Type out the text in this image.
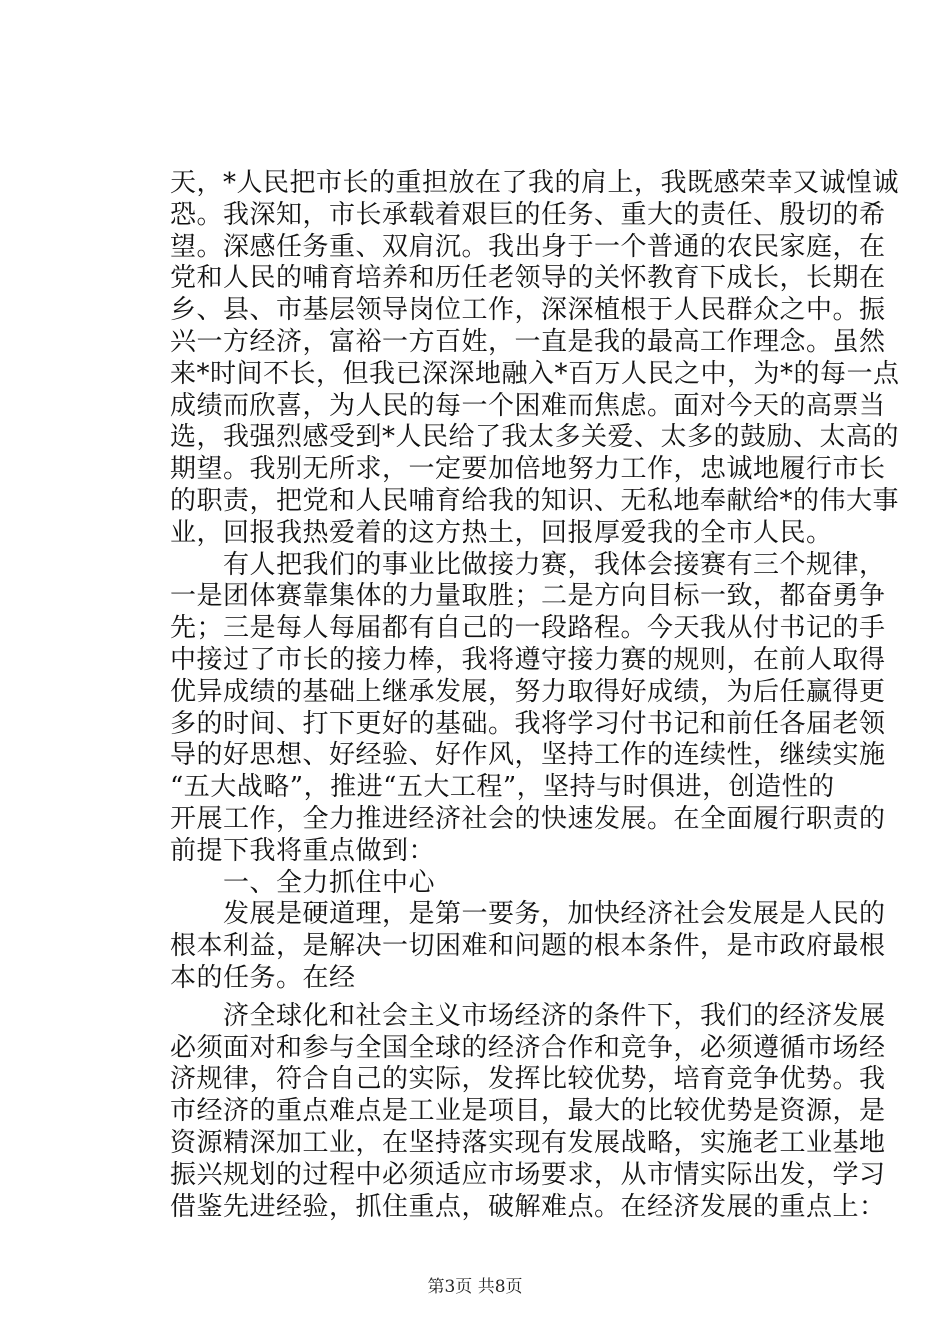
天，*人民把市长的重担放在了我的肩上，我既感荣幸又诚惶诚
恐。我深知，市长承载着艰巨的任务、重大的责任、殷切的希
望。深感任务重、双肩沉。我出身于一个普通的农民家庭，在
党和人民的哺育培养和历任老领导的关怀教育下成长，长期在
乡、县、市基层领导岗位工作，深深植根于人民群众之中。振
兴一方经济，富裕一方百姓，一直是我的最高工作理念。虽然
来*时间不长，但我已深深地融入*百万人民之中，为*的每一点
成绩而欣喜，为人民的每一个困难而焦虑。面对今天的高票当
选，我强烈感受到*人民给了我太多关爱、太多的鼓励、太高的
期望。我别无所求，一定要加倍地努力工作，忠诚地履行市长
的职责，把党和人民哺育给我的知识、无私地奉献给*的伟大事
业，回报我热爱着的这方热土，回报厚爱我的全市人民。
　　有人把我们的事业比做接力赛，我体会接赛有三个规律，
一是团体赛靠集体的力量取胜；二是方向目标一致，都奋勇争
先；三是每人每届都有自己的一段路程。今天我从付书记的手
中接过了市长的接力棒，我将遵守接力赛的规则，在前人取得
优异成绩的基础上继承发展，努力取得好成绩，为后任赢得更
多的时间、打下更好的基础。我将学习付书记和前任各届老领
导的好思想、好经验、好作风，坚持工作的连续性，继续实施
“五大战略”，推进“五大工程”，坚持与时俱进，创造性的
开展工作，全力推进经济社会的快速发展。在全面履行职责的
前提下我将重点做到：
　　一、全力抓住中心
　　发展是硬道理，是第一要务，加快经济社会发展是人民的
根本利益，是解决一切困难和问题的根本条件，是市政府最根
本的任务。在经
　　济全球化和社会主义市场经济的条件下，我们的经济发展
必须面对和参与全国全球的经济合作和竞争，必须遵循市场经
济规律，符合自己的实际，发挥比较优势，培育竞争优势。我
市经济的重点难点是工业是项目，最大的比较优势是资源，是
资源精深加工业，在坚持落实现有发展战略，实施老工业基地
振兴规划的过程中必须适应市场要求，从市情实际出发，学习
借鉴先进经验，抓住重点，破解难点。在经济发展的重点上：
第3页 共8页
